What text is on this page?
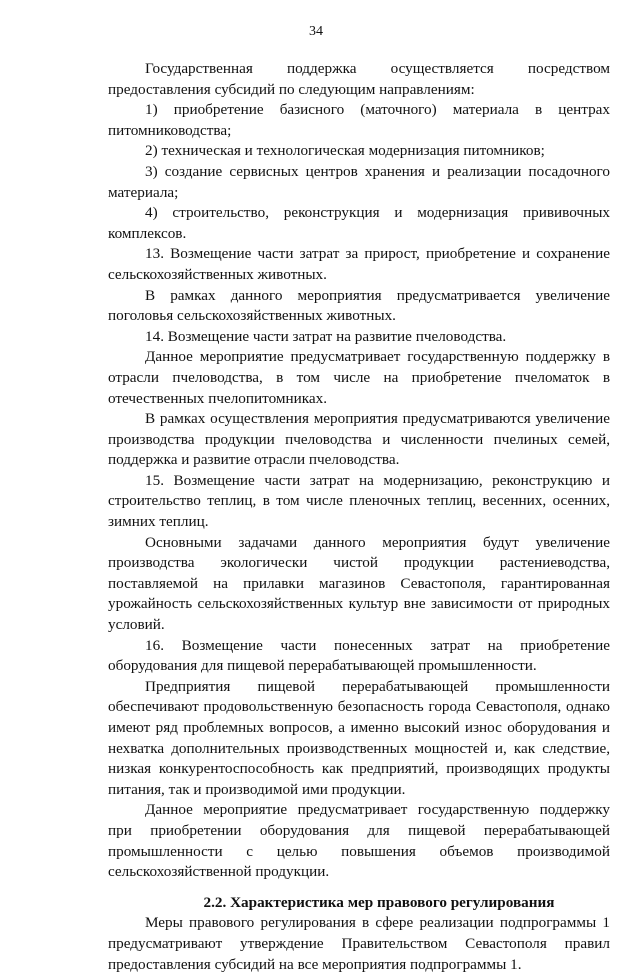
34

Государственная поддержка осуществляется посредством предоставления субсидий по следующим направлениям:

1) приобретение базисного (маточного) материала в центрах питомниководства;

2) техническая и технологическая модернизация питомников;

3) создание сервисных центров хранения и реализации посадочного материала;

4) строительство, реконструкция и модернизация прививочных комплексов.

13. Возмещение части затрат за прирост, приобретение и сохранение сельскохозяйственных животных.

В рамках данного мероприятия предусматривается увеличение поголовья сельскохозяйственных животных.

14. Возмещение части затрат на развитие пчеловодства.

Данное мероприятие предусматривает государственную поддержку в отрасли пчеловодства, в том числе на приобретение пчеломаток в отечественных пчелопитомниках.

В рамках осуществления мероприятия предусматриваются увеличение производства продукции пчеловодства и численности пчелиных семей, поддержка и развитие отрасли пчеловодства.

15. Возмещение части затрат на модернизацию, реконструкцию и строительство теплиц, в том числе пленочных теплиц, весенних, осенних, зимних теплиц.

Основными задачами данного мероприятия будут увеличение производства экологически чистой продукции растениеводства, поставляемой на прилавки магазинов Севастополя, гарантированная урожайность сельскохозяйственных культур вне зависимости от природных условий.

16. Возмещение части понесенных затрат на приобретение оборудования для пищевой перерабатывающей промышленности.

Предприятия пищевой перерабатывающей промышленности обеспечивают продовольственную безопасность города Севастополя, однако имеют ряд проблемных вопросов, а именно высокий износ оборудования и нехватка дополнительных производственных мощностей и, как следствие, низкая конкурентоспособность как предприятий, производящих продукты питания, так и производимой ими продукции.

Данное мероприятие предусматривает государственную поддержку при приобретении оборудования для пищевой перерабатывающей промышленности с целью повышения объемов производимой сельскохозяйственной продукции.

2.2. Характеристика мер правового регулирования

Меры правового регулирования в сфере реализации подпрограммы 1 предусматривают утверждение Правительством Севастополя правил предоставления субсидий на все мероприятия подпрограммы 1.
